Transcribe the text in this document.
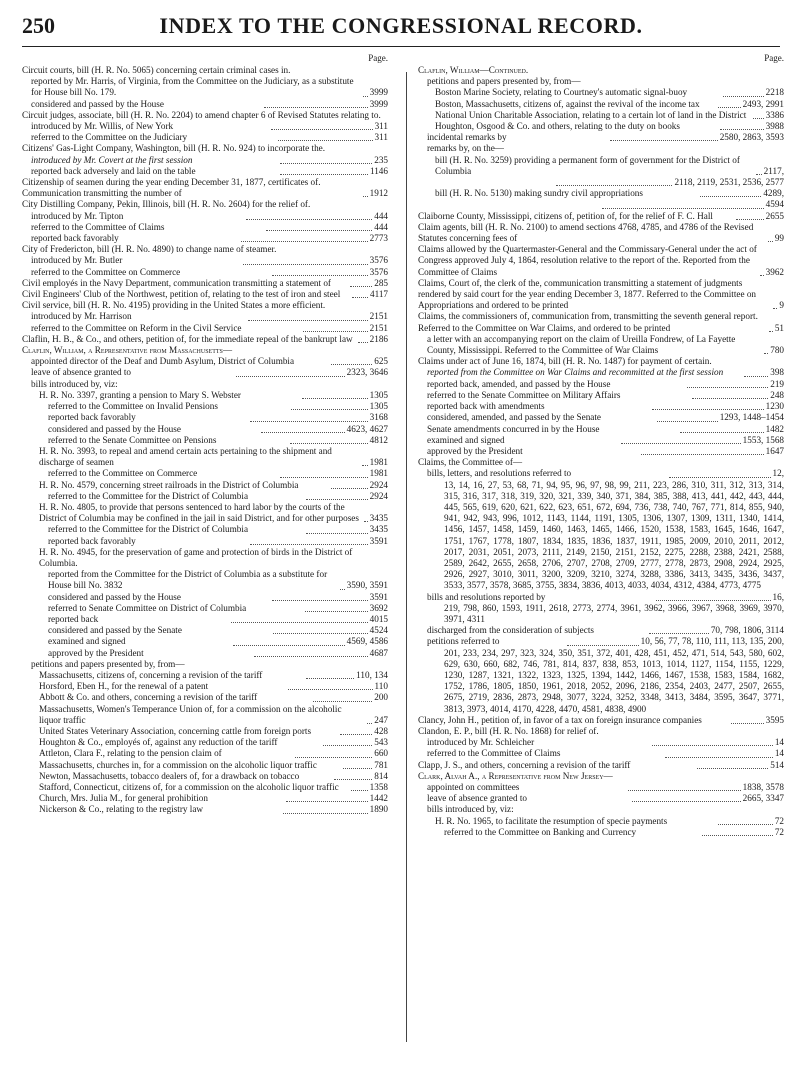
250	INDEX TO THE CONGRESSIONAL RECORD.
Page.
Circuit courts, bill (H. R. No. 5065) concerning certain criminal cases in.
reported by Mr. Harris, of Virginia, from the Committee on the Judiciary, as a substitute for House bill No. 179.	3999
considered and passed by the House	3999
Circuit judges, associate, bill (H. R. No. 2204) to amend chapter 6 of Revised Statutes relating to.
introduced by Mr. Willis, of New York	311
referred to the Committee on the Judiciary	311
Citizens' Gas-Light Company, Washington, bill (H. R. No. 924) to incorporate the.
introduced by Mr. Covert at the first session	235
reported back adversely and laid on the table	1146
Citizenship of seamen during the year ending December 31, 1877, certificates of. Communication transmitting the number of	1912
City Distilling Company, Pekin, Illinois, bill (H. R. No. 2604) for the relief of.
introduced by Mr. Tipton	444
referred to the Committee of Claims	444
reported back favorably	2773
City of Fredericton, bill (H. R. No. 4890) to change name of steamer.
introduced by Mr. Butler	3576
referred to the Committee on Commerce	3576
Civil employés in the Navy Department, communication transmitting a statement of	285
Civil Engineers' Club of the Northwest, petition of, relating to the test of iron and steel	4117
Civil service, bill (H. R. No. 4195) providing in the United States a more efficient.
introduced by Mr. Harrison	2151
referred to the Committee on Reform in the Civil Service	2151
Claflin, H. B., & Co., and others, petition of, for the immediate repeal of the bankrupt law	2186
Claflin, William, a Representative from Massachusetts—
appointed director of the Deaf and Dumb Asylum, District of Columbia	625
leave of absence granted to	2323, 3646
bills introduced by, viz:
H. R. No. 3397, granting a pension to Mary S. Webster	1305
referred to the Committee on Invalid Pensions	1305
reported back favorably	3168
considered and passed by the House	4623, 4627
referred to the Senate Committee on Pensions	4812
H. R. No. 3993, to repeal and amend certain acts pertaining to the shipment and discharge of seamen	1981
referred to the Committee on Commerce	1981
H. R. No. 4579, concerning street railroads in the District of Columbia	2924
referred to the Committee for the District of Columbia	2924
H. R. No. 4805, to provide that persons sentenced to hard labor by the courts of the District of Columbia may be confined in the jail in said District, and for other purposes 3435
referred to the Committee for the District of Columbia	3435
reported back favorably	3591
H. R. No. 4945, for the preservation of game and protection of birds in the District of Columbia.
reported from the Committee for the District of Columbia as a substitute for House bill No. 3832	3590, 3591
considered and passed by the House	3591
referred to Senate Committee on District of Columbia	3692
reported back	4015
considered and passed by the Senate	4524
examined and signed	4569, 4586
approved by the President	4687
petitions and papers presented by, from—
Massachusetts, citizens of, concerning a revision of the tariff	110, 134
Horsford, Eben H., for the renewal of a patent	110
Abbott & Co. and others, concerning a revision of the tariff	200
Massachusetts, Women's Temperance Union of, for a commission on the alcoholic liquor traffic	247
United States Veterinary Association, concerning cattle from foreign ports	428
Houghton & Co., employés of, against any reduction of the tariff	543
Attleton, Clara F., relating to the pension claim of	660
Massachusetts, churches in, for a commission on the alcoholic liquor traffic	781
Newton, Massachusetts, tobacco dealers of, for a drawback on tobacco	814
Stafford, Connecticut, citizens of, for a commission on the alcoholic liquor traffic	1358
Church, Mrs. Julia M., for general prohibition	1442
Nickerson & Co., relating to the registry law	1890
Page.
Claflin, William—Continued.
petitions and papers presented by, from—
Boston Marine Society, relating to Courtney's automatic signal-buoy	2218
Boston, Massachusetts, citizens of, against the revival of the income tax	2493, 2991
National Union Charitable Association, relating to a certain lot of land in the District	3386
Houghton, Osgood & Co. and others, relating to the duty on books	3988
incidental remarks by	2580, 2863, 3593
remarks by, on the—
bill (H. R. No. 3259) providing a permanent form of government for the District of Columbia	2117,
2118, 2119, 2531, 2536, 2577
bill (H. R. No. 5130) making sundry civil appropriations	4289,
4594
Claiborne County, Mississippi, citizens of, petition of, for the relief of F. C. Hall	2655
Claim agents, bill (H. R. No. 2100) to amend sections 4768, 4785, and 4786 of the Revised Statutes concerning fees of	99
Claims allowed by the Quartermaster-General and the Commissary-General under the act of Congress approved July 4, 1864, resolution relative to the report of the. Reported from the Committee of Claims	3962
Claims, Court of, the clerk of the, communication transmitting a statement of judgments rendered by said court for the year ending December 3, 1877. Referred to the Committee on Appropriations and ordered to be printed	9
Claims, the commissioners of, communication from, transmitting the seventh general report. Referred to the Committee on War Claims, and ordered to be printed	51
a letter with an accompanying report on the claim of Ureilla Fondrew, of La Fayette County, Mississippi. Referred to the Committee of War Claims	780
Claims under act of June 16, 1874, bill (H. R. No. 1487) for payment of certain.
reported from the Committee on War Claims and recommitted at the first session	398
reported back, amended, and passed by the House	219
referred to the Senate Committee on Military Affairs	248
reported back with amendments	1230
considered, amended, and passed by the Senate	1293, 1448–1454
Senate amendments concurred in by the House	1482
examined and signed	1553, 1568
approved by the President	1647
Claims, the Committee of—
bills, letters, and resolutions referred to	12,
13, 14, 16, 27, 53, 68, 71, 94, 95, 96, 97, 98, 99, 211, 223, 286, 310, 311, 312, 313, 314, 315, 316, 317, 318, 319, 320, 321, 339, 340, 371, 384, 385, 388, 413, 441, 442, 443, 444, 445, 565, 619, 620, 621, 622, 623, 651, 672, 694, 736, 738, 740, 767, 771, 814, 855, 940, 941, 942, 943, 996, 1012, 1143, 1144, 1191, 1305, 1306, 1307, 1309, 1311, 1340, 1414, 1456, 1457, 1458, 1459, 1460, 1463, 1465, 1466, 1520, 1538, 1583, 1645, 1646, 1647, 1751, 1767, 1778, 1807, 1834, 1835, 1836, 1837, 1911, 1985, 2009, 2010, 2011, 2012, 2017, 2031, 2051, 2073, 2111, 2149, 2150, 2151, 2152, 2275, 2288, 2388, 2421, 2588, 2589, 2642, 2655, 2658, 2706, 2707, 2708, 2709, 2777, 2778, 2873, 2908, 2924, 2925, 2926, 2927, 3010, 3011, 3200, 3209, 3210, 3274, 3288, 3386, 3413, 3435, 3436, 3437, 3533, 3577, 3578, 3685, 3755, 3834, 3836, 4013, 4033, 4034, 4312, 4384, 4773, 4775
bills and resolutions reported by	16,
219, 798, 860, 1593, 1911, 2618, 2773, 2774, 3961, 3962, 3966, 3967, 3968, 3969, 3970, 3971, 4311
discharged from the consideration of subjects	70, 798, 1806, 3114
petitions referred to	10, 56, 77, 78, 110, 111, 113, 135, 200,
201, 233, 234, 297, 323, 324, 350, 351, 372, 401, 428, 451, 452, 471, 514, 543, 580, 602, 629, 630, 660, 682, 746, 781, 814, 837, 838, 853, 1013, 1014, 1127, 1154, 1155, 1229, 1230, 1287, 1321, 1322, 1323, 1325, 1394, 1442, 1466, 1467, 1538, 1583, 1584, 1682, 1752, 1786, 1805, 1850, 1961, 2018, 2052, 2096, 2186, 2354, 2403, 2477, 2507, 2655, 2675, 2719, 2836, 2873, 2948, 3077, 3224, 3252, 3348, 3413, 3484, 3595, 3647, 3771, 3813, 3973, 4014, 4170, 4228, 4470, 4581, 4838, 4900
Clancy, John H., petition of, in favor of a tax on foreign insurance companies	3595
Clandon, E. P., bill (H. R. No. 1868) for relief of.
introduced by Mr. Schleicher	14
referred to the Committee of Claims	14
Clapp, J. S., and others, concerning a revision of the tariff	514
Clark, Alvah A., a Representative from New Jersey—
appointed on committees	1838, 3578
leave of absence granted to	2665, 3347
bills introduced by, viz:
H. R. No. 1965, to facilitate the resumption of specie payments	72
referred to the Committee on Banking and Currency	72
